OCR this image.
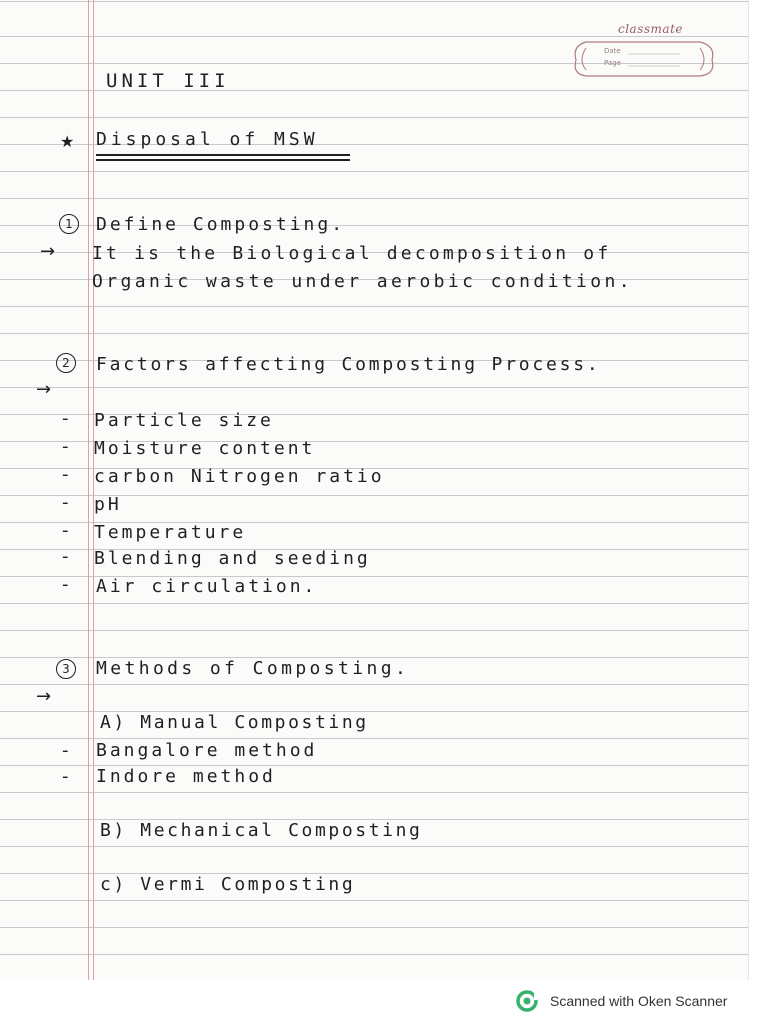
classmate
Date
Page
UNIT III
★ Disposal of MSW
1	Define Composting.
→ It is the Biological decomposition of
Organic waste under aerobic condition.
2	Factors affecting Composting Process.
→
- Particle size
- Moisture content
- carbon Nitrogen ratio
- pH
- Temperature
- Blending and seeding
- Air circulation.
3	Methods of Composting.
→
A) Manual Composting
- Bangalore method
- Indore method
B) Mechanical Composting
c) Vermi Composting
Scanned with Oken Scanner
